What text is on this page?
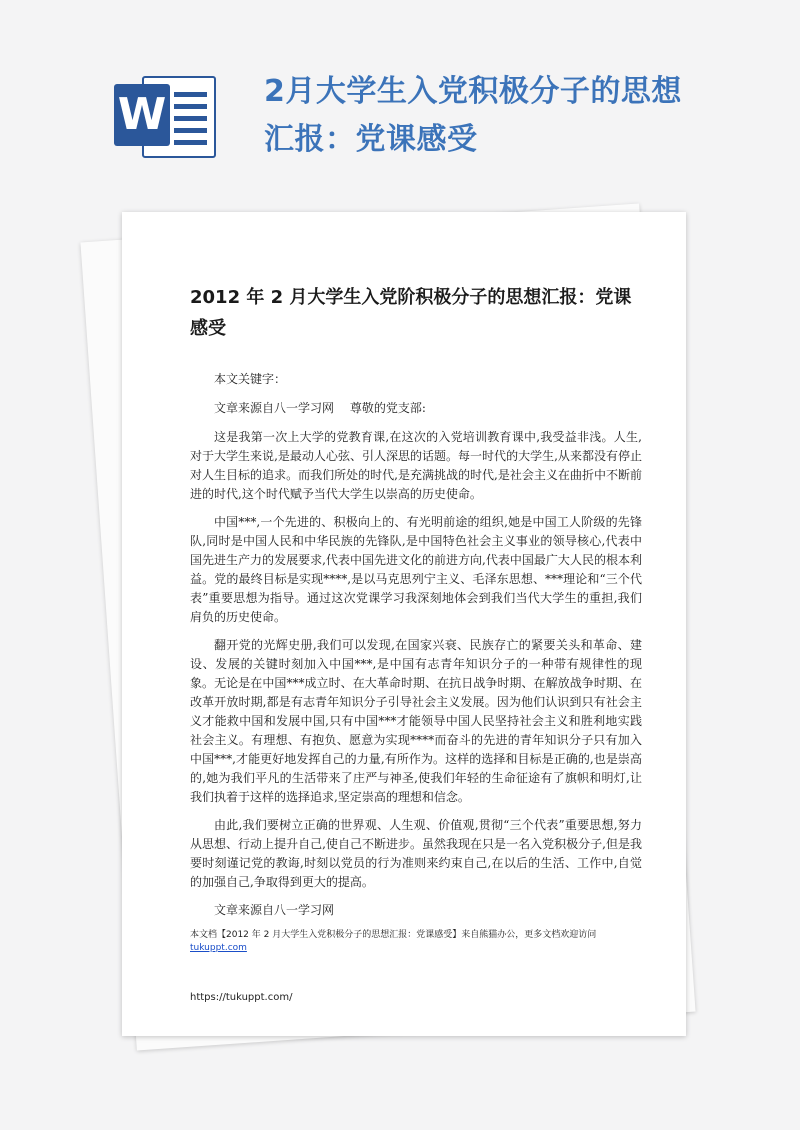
W	2月大学生入党积极分子的思想汇报：党课感受
2012 年 2 月大学生入党阶积极分子的思想汇报：党课感受

本文关键字：

文章来源自八一学习网　 尊敬的党支部:

这是我第一次上大学的党教育课,在这次的入党培训教育课中,我受益非浅。人生,对于大学生来说,是最动人心弦、引人深思的话题。每一时代的大学生,从来都没有停止对人生目标的追求。而我们所处的时代,是充满挑战的时代,是社会主义在曲折中不断前进的时代,这个时代赋予当代大学生以崇高的历史使命。

中国***,一个先进的、积极向上的、有光明前途的组织,她是中国工人阶级的先锋队,同时是中国人民和中华民族的先锋队,是中国特色社会主义事业的领导核心,代表中国先进生产力的发展要求,代表中国先进文化的前进方向,代表中国最广大人民的根本利益。党的最终目标是实现****,是以马克思列宁主义、毛泽东思想、***理论和“三个代表”重要思想为指导。通过这次党课学习我深刻地体会到我们当代大学生的重担,我们肩负的历史使命。

翻开党的光辉史册,我们可以发现,在国家兴衰、民族存亡的紧要关头和革命、建设、发展的关键时刻加入中国***,是中国有志青年知识分子的一种带有规律性的现象。无论是在中国***成立时、在大革命时期、在抗日战争时期、在解放战争时期、在改革开放时期,都是有志青年知识分子引导社会主义发展。因为他们认识到只有社会主义才能救中国和发展中国,只有中国***才能领导中国人民坚持社会主义和胜利地实践社会主义。有理想、有抱负、愿意为实现****而奋斗的先进的青年知识分子只有加入中国***,才能更好地发挥自己的力量,有所作为。这样的选择和目标是正确的,也是崇高的,她为我们平凡的生活带来了庄严与神圣,使我们年轻的生命征途有了旗帜和明灯,让我们执着于这样的选择追求,坚定崇高的理想和信念。

由此,我们要树立正确的世界观、人生观、价值观,贯彻“三个代表”重要思想,努力从思想、行动上提升自己,使自己不断进步。虽然我现在只是一名入党积极分子,但是我要时刻谨记党的教诲,时刻以党员的行为准则来约束自己,在以后的生活、工作中,自觉的加强自己,争取得到更大的提高。

文章来源自八一学习网

本文档【2012 年 2 月大学生入党积极分子的思想汇报：党课感受】来自熊猫办公，更多文档欢迎访问
tukuppt.com
https://tukuppt.com/
